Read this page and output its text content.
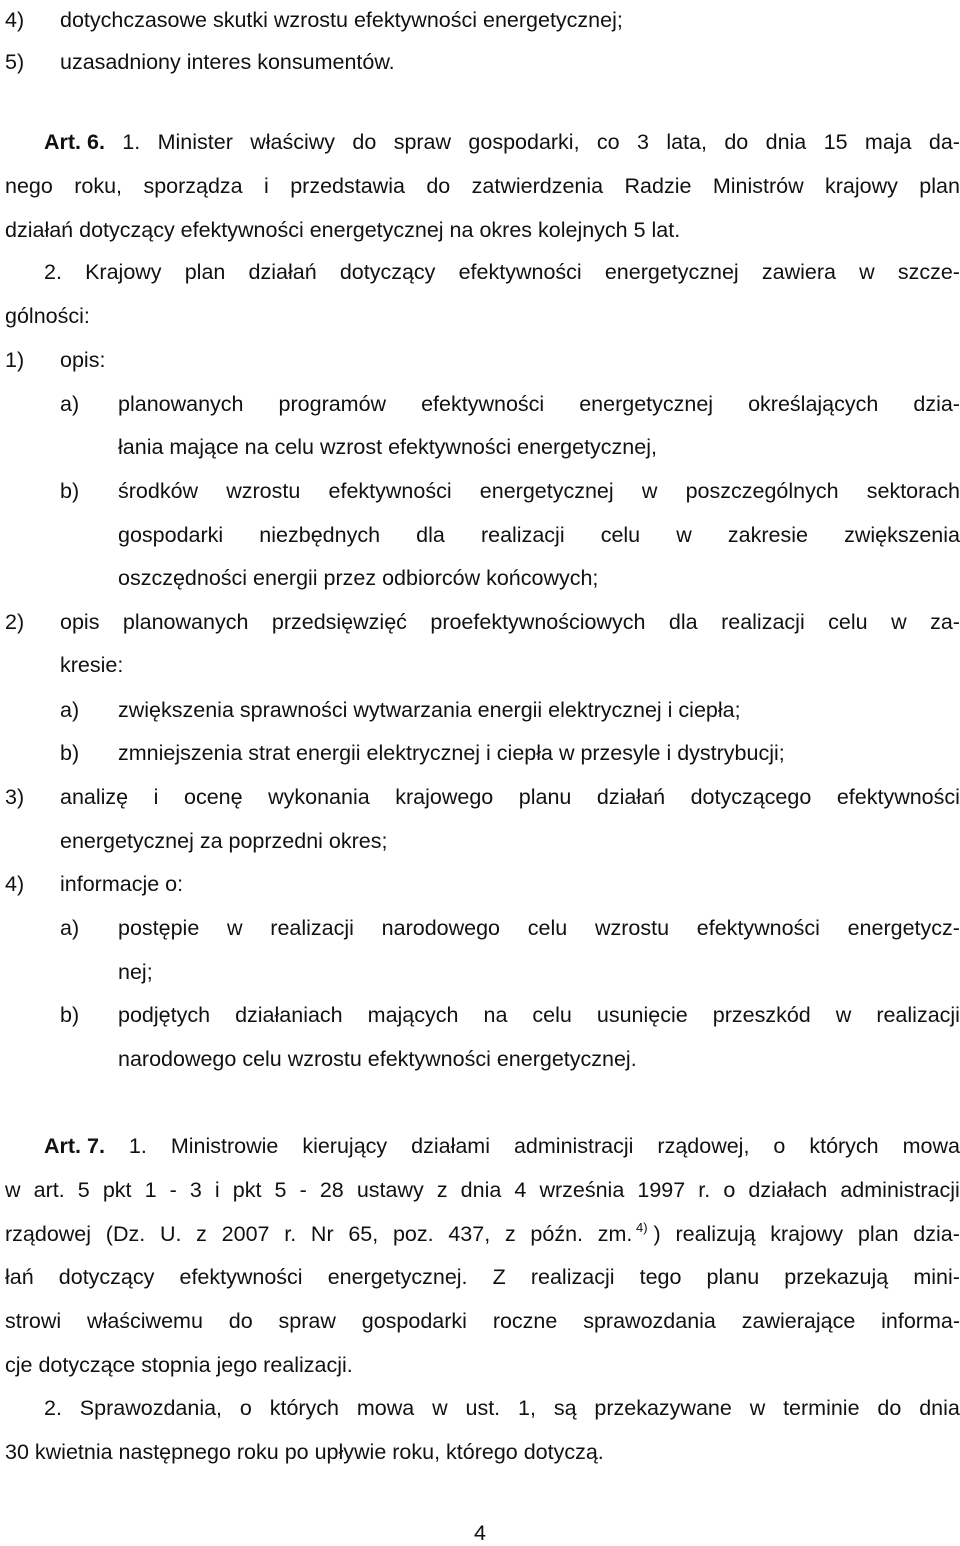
4) dotychczasowe skutki wzrostu efektywności energetycznej;
5) uzasadniony interes konsumentów.
Art. 6. 1. Minister właściwy do spraw gospodarki, co 3 lata, do dnia 15 maja da-
nego roku, sporządza i przedstawia do zatwierdzenia Radzie Ministrów krajowy plan
działań dotyczący efektywności energetycznej na okres kolejnych 5 lat.
2. Krajowy plan działań dotyczący efektywności energetycznej zawiera w szcze-
gólności:
1) opis:
a) planowanych programów efektywności energetycznej określających dzia-
łania mające na celu wzrost efektywności energetycznej,
b) środków wzrostu efektywności energetycznej w poszczególnych sektorach
gospodarki niezbędnych dla realizacji celu w zakresie zwiększenia
oszczędności energii przez odbiorców końcowych;
2) opis planowanych przedsięwzięć proefektywnościowych dla realizacji celu w za-
kresie:
a) zwiększenia sprawności wytwarzania energii elektrycznej i ciepła;
b) zmniejszenia strat energii elektrycznej i ciepła w przesyle i dystrybucji;
3) analizę i ocenę wykonania krajowego planu działań dotyczącego efektywności
energetycznej za poprzedni okres;
4) informacje o:
a) postępie w realizacji narodowego celu wzrostu efektywności energetycz-
nej;
b) podjętych działaniach mających na celu usunięcie przeszkód w realizacji
narodowego celu wzrostu efektywności energetycznej.
Art. 7. 1. Ministrowie kierujący działami administracji rządowej, o których mowa
w art. 5 pkt 1 - 3 i pkt 5 - 28 ustawy z dnia 4 września 1997 r. o działach administracji
rządowej (Dz. U. z 2007 r. Nr 65, poz. 437, z późn. zm. $^{4)}$ ) realizują krajowy plan dzia-
łań dotyczący efektywności energetycznej. Z realizacji tego planu przekazują mini-
strowi właściwemu do spraw gospodarki roczne sprawozdania zawierające informa-
cje dotyczące stopnia jego realizacji.
2. Sprawozdania, o których mowa w ust. 1, są przekazywane w terminie do dnia
30 kwietnia następnego roku po upływie roku, którego dotyczą.
4
